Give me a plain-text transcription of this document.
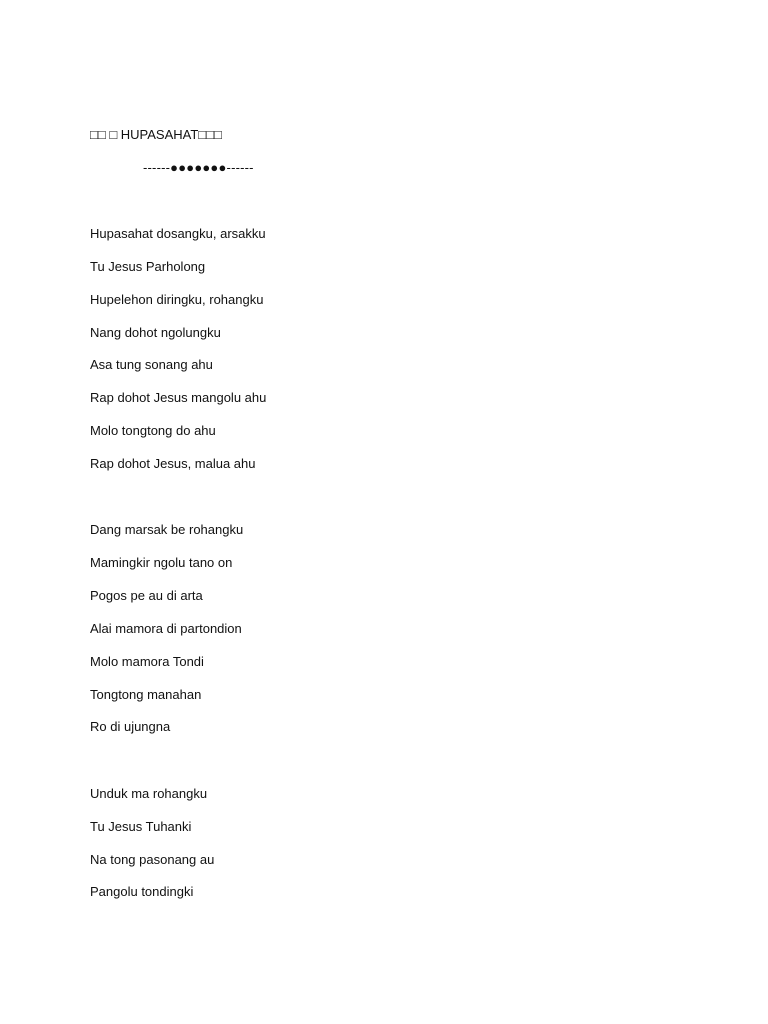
□□ □ HUPASAHAT□□□
------●●●●●●●------
Hupasahat dosangku, arsakku
Tu Jesus Parholong
Hupelehon diringku, rohangku
Nang dohot ngolungku
Asa tung sonang ahu
Rap dohot Jesus mangolu ahu
Molo tongtong do ahu
Rap dohot Jesus, malua ahu
Dang marsak be rohangku
Mamingkir ngolu tano on
Pogos pe au di arta
Alai mamora di partondion
Molo mamora Tondi
Tongtong manahan
Ro di ujungna
Unduk ma rohangku
Tu Jesus Tuhanki
Na tong pasonang au
Pangolu tondingki
